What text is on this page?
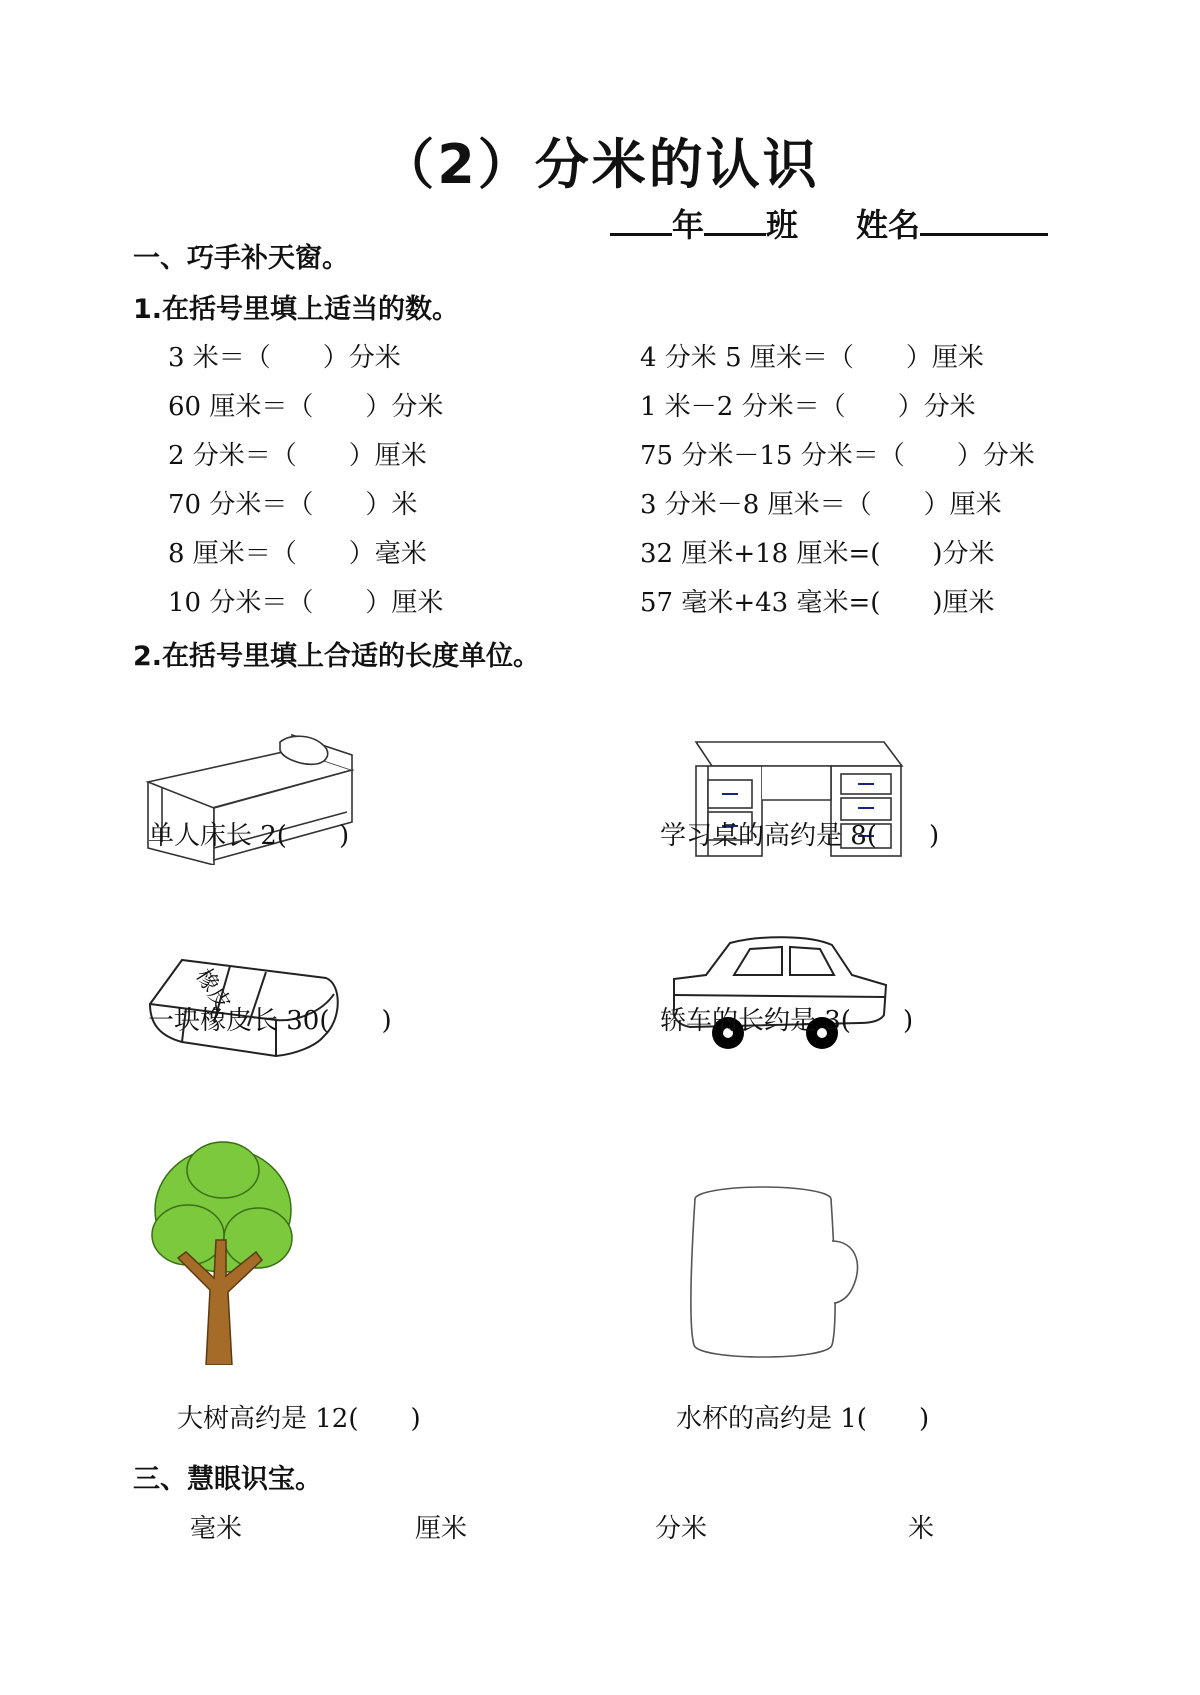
（2）分米的认识
年 班 姓名
一、巧手补天窗。
1.在括号里填上适当的数。
3 米＝（　　）分米
60 厘米＝（　　）分米
2 分米＝（　　）厘米
70 分米＝（　　）米
8 厘米＝（　　）毫米
10 分米＝（　　）厘米
4 分米 5 厘米＝（　　）厘米
1 米－2 分米＝（　　）分米
75 分米－15 分米＝（　　）分米
3 分米－8 厘米＝（　　）厘米
32 厘米+18 厘米=(　　)分米
57 毫米+43 毫米=(　　)厘米
2.在括号里填上合适的长度单位。
单人床长 2(　　)	学习桌的高约是 8(　　)
橡皮
一块橡皮长 30(　　)	轿车的长约是 3(　　)
大树高约是 12(　　)	水杯的高约是 1(　　)
三、慧眼识宝。
毫米	厘米	分米	米
